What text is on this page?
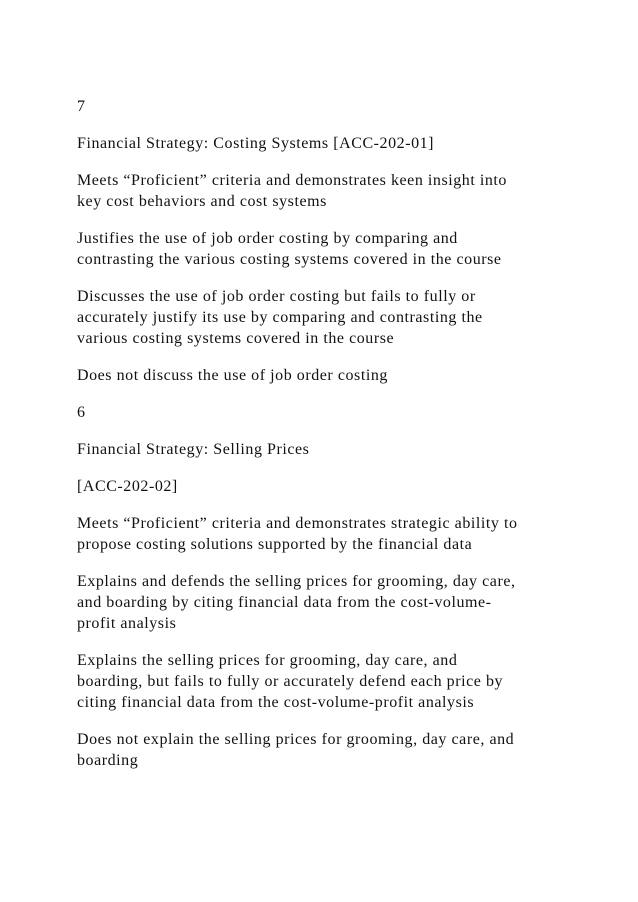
7

Financial Strategy: Costing Systems [ACC-202-01]

Meets “Proficient” criteria and demonstrates keen insight into
key cost behaviors and cost systems

Justifies the use of job order costing by comparing and
contrasting the various costing systems covered in the course

Discusses the use of job order costing but fails to fully or
accurately justify its use by comparing and contrasting the
various costing systems covered in the course

Does not discuss the use of job order costing

6

Financial Strategy: Selling Prices

[ACC-202-02]

Meets “Proficient” criteria and demonstrates strategic ability to
propose costing solutions supported by the financial data

Explains and defends the selling prices for grooming, day care,
and boarding by citing financial data from the cost-volume-
profit analysis

Explains the selling prices for grooming, day care, and
boarding, but fails to fully or accurately defend each price by
citing financial data from the cost-volume-profit analysis

Does not explain the selling prices for grooming, day care, and
boarding
